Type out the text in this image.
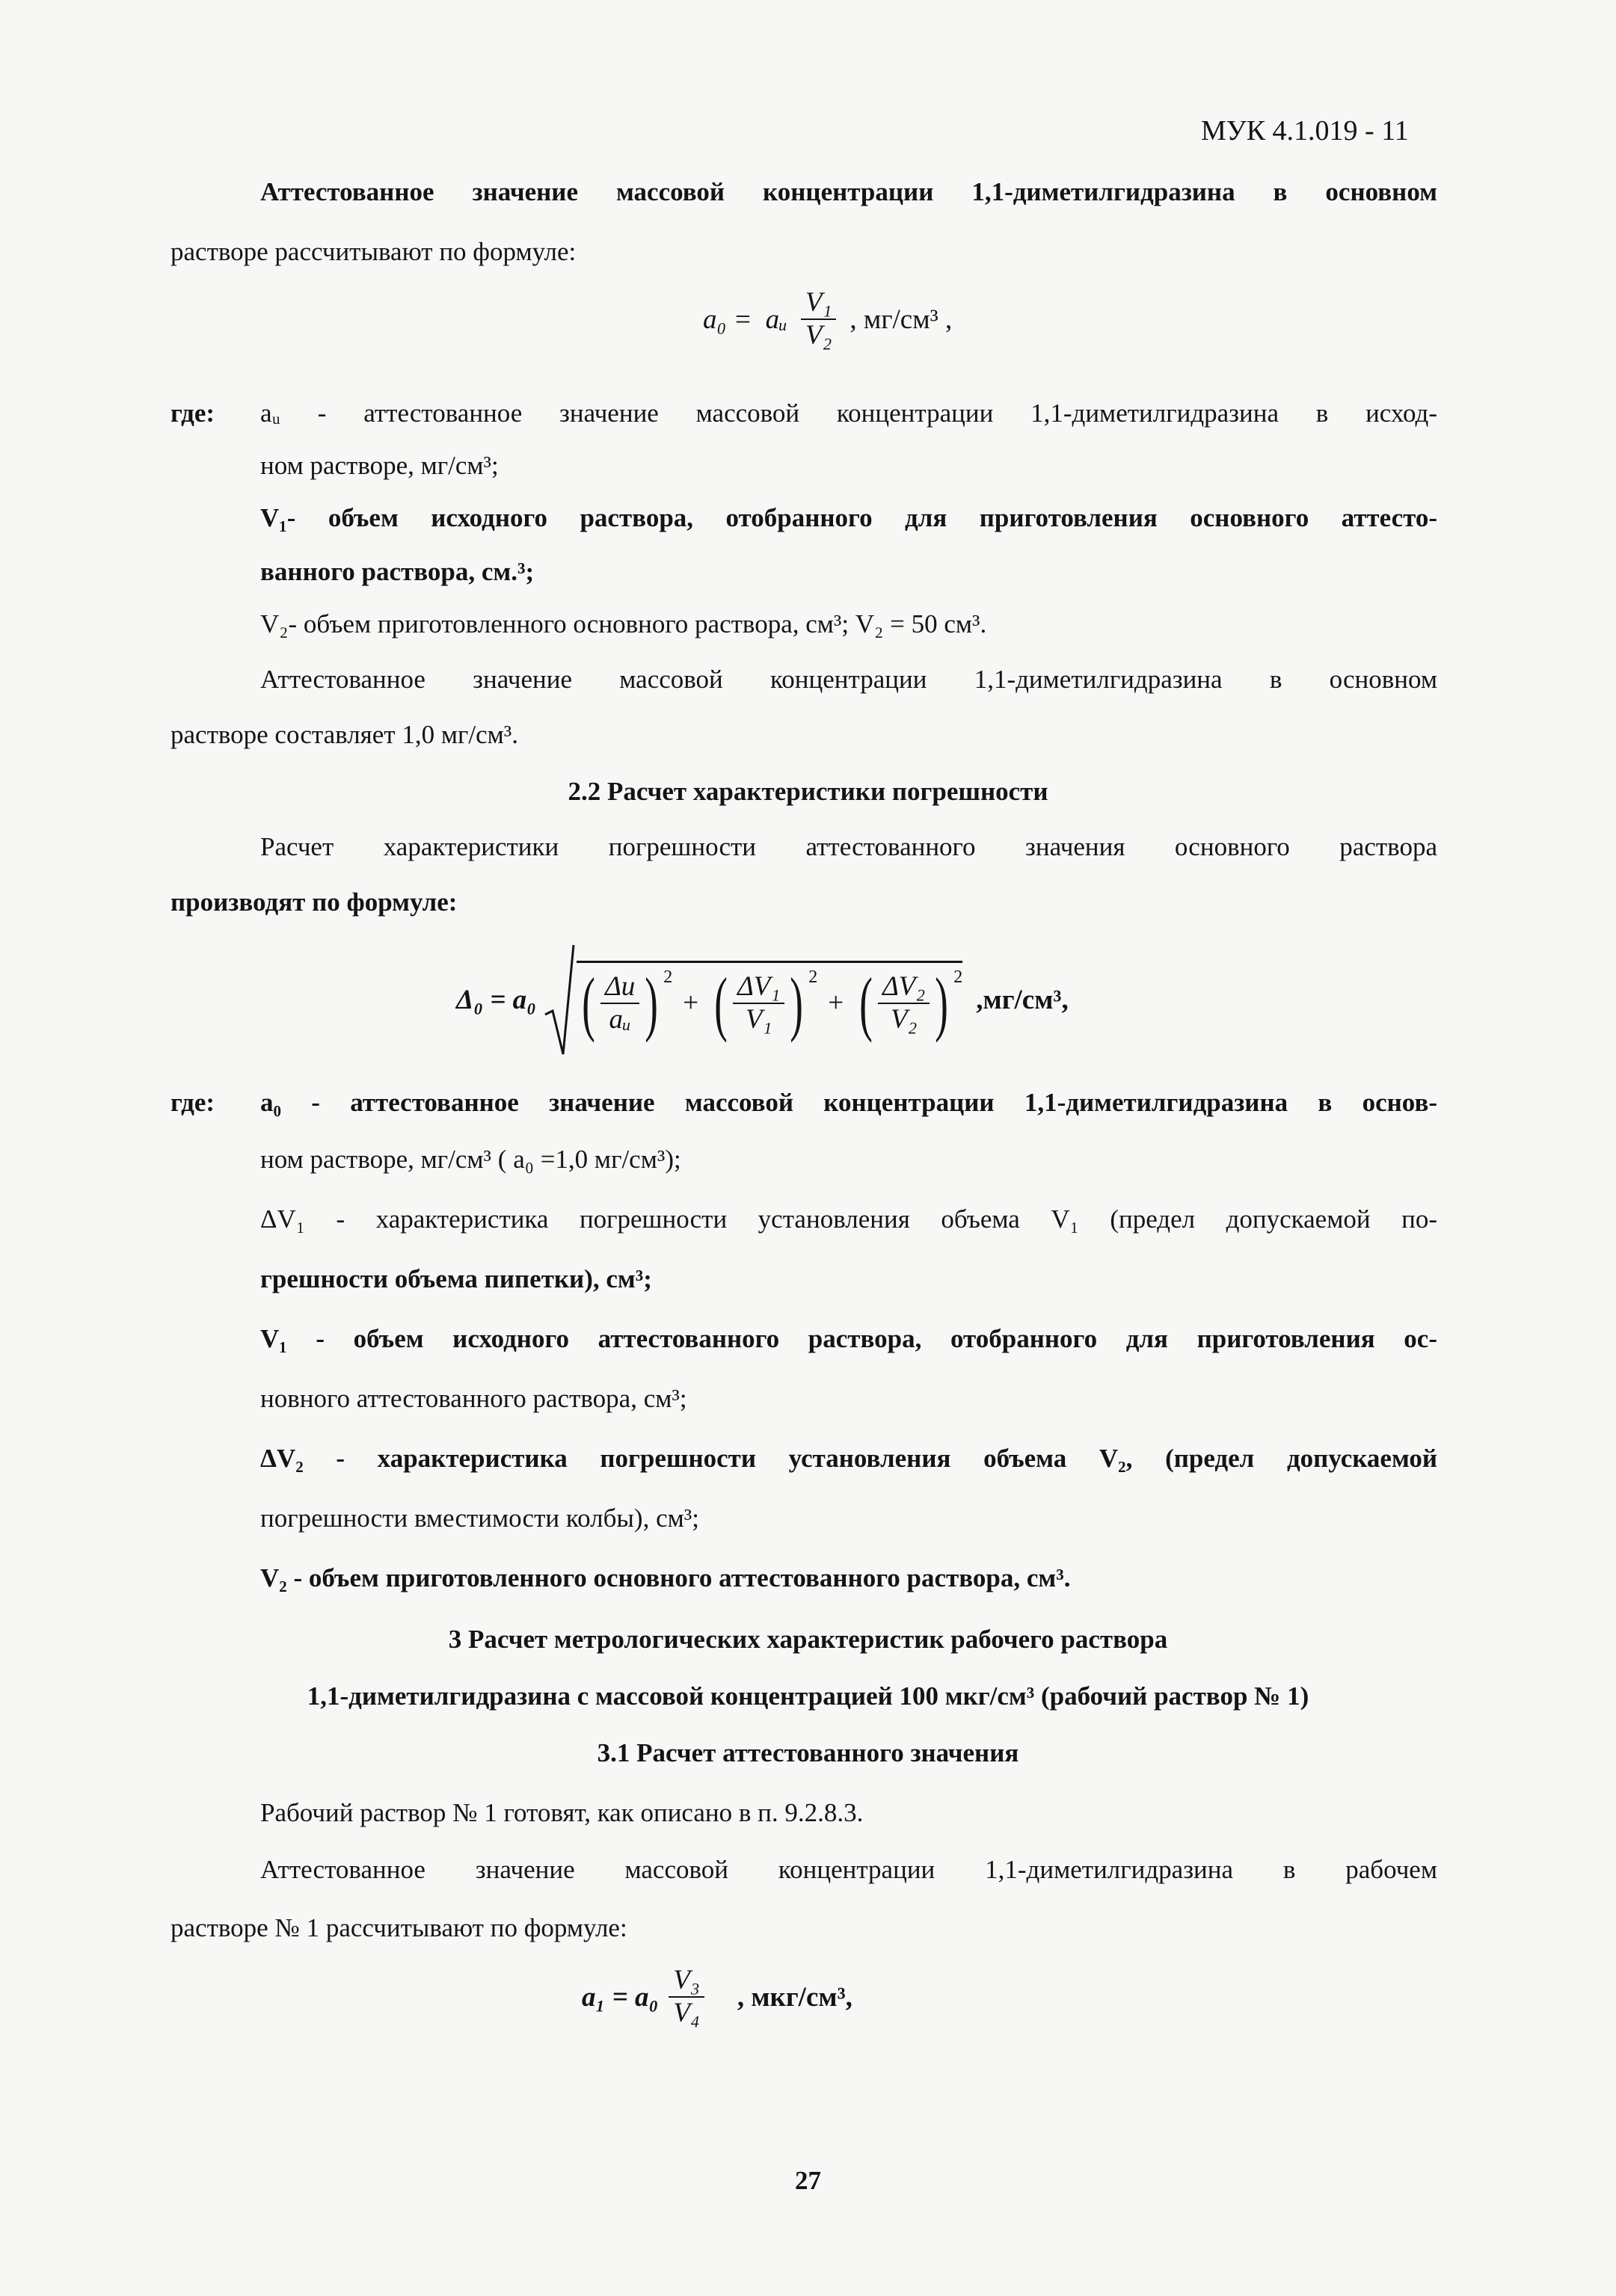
МУК 4.1.019 - 11
Аттестованное значение массовой концентрации 1,1-диметилгидразина в основном
растворе рассчитывают по формуле:
a₀ = aᵤ $\frac{\text{V₁}}{\text{V₂}}$ , мг/см³ ,
где: aᵤ - аттестованное значение массовой концентрации 1,1-диметилгидразина в исход-
ном растворе, мг/см³;
V₁- объем исходного раствора, отобранного для приготовления основного аттесто-
ванного раствора, см.³;
V₂- объем приготовленного основного раствора, см³; V₂ = 50 см³.
Аттестованное значение массовой концентрации 1,1-диметилгидразина в основном
растворе составляет 1,0 мг/см³.
2.2 Расчет характеристики погрешности
Расчет характеристики погрешности аттестованного значения основного раствора
производят по формуле:
Δ₀ = a₀ ( $\frac{\Delta u}{\text{aᵤ}}$ ) 2
+ ( $\frac{\text{ΔV₁}}{\text{V₁}}$ ) 2
+ ( $\frac{\text{ΔV₂}}{\text{V₂}}$ ) 2
,мг/см³,
где: a₀ - аттестованное значение массовой концентрации 1,1-диметилгидразина в основ-
ном растворе, мг/см³ ( a₀ =1,0 мг/см³);
ΔV₁ - характеристика погрешности установления объема V₁ (предел допускаемой по-
грешности объема пипетки), см³;
V₁ - объем исходного аттестованного раствора, отобранного для приготовления ос-
новного аттестованного раствора, см³;
ΔV₂ - характеристика погрешности установления объема V₂, (предел допускаемой
погрешности вместимости колбы), см³;
V₂ - объем приготовленного основного аттестованного раствора, см³.
3 Расчет метрологических характеристик рабочего раствора
1,1-диметилгидразина с массовой концентрацией 100 мкг/см³ (рабочий раствор № 1)
3.1 Расчет аттестованного значения
Рабочий раствор № 1 готовят, как описано в п. 9.2.8.3.
Аттестованное значение массовой концентрации 1,1-диметилгидразина в рабочем
растворе № 1 рассчитывают по формуле:
$a_1 = a_0 \frac{\text{V₃}}{\text{V₄}}$ , мкг/см³,
27
